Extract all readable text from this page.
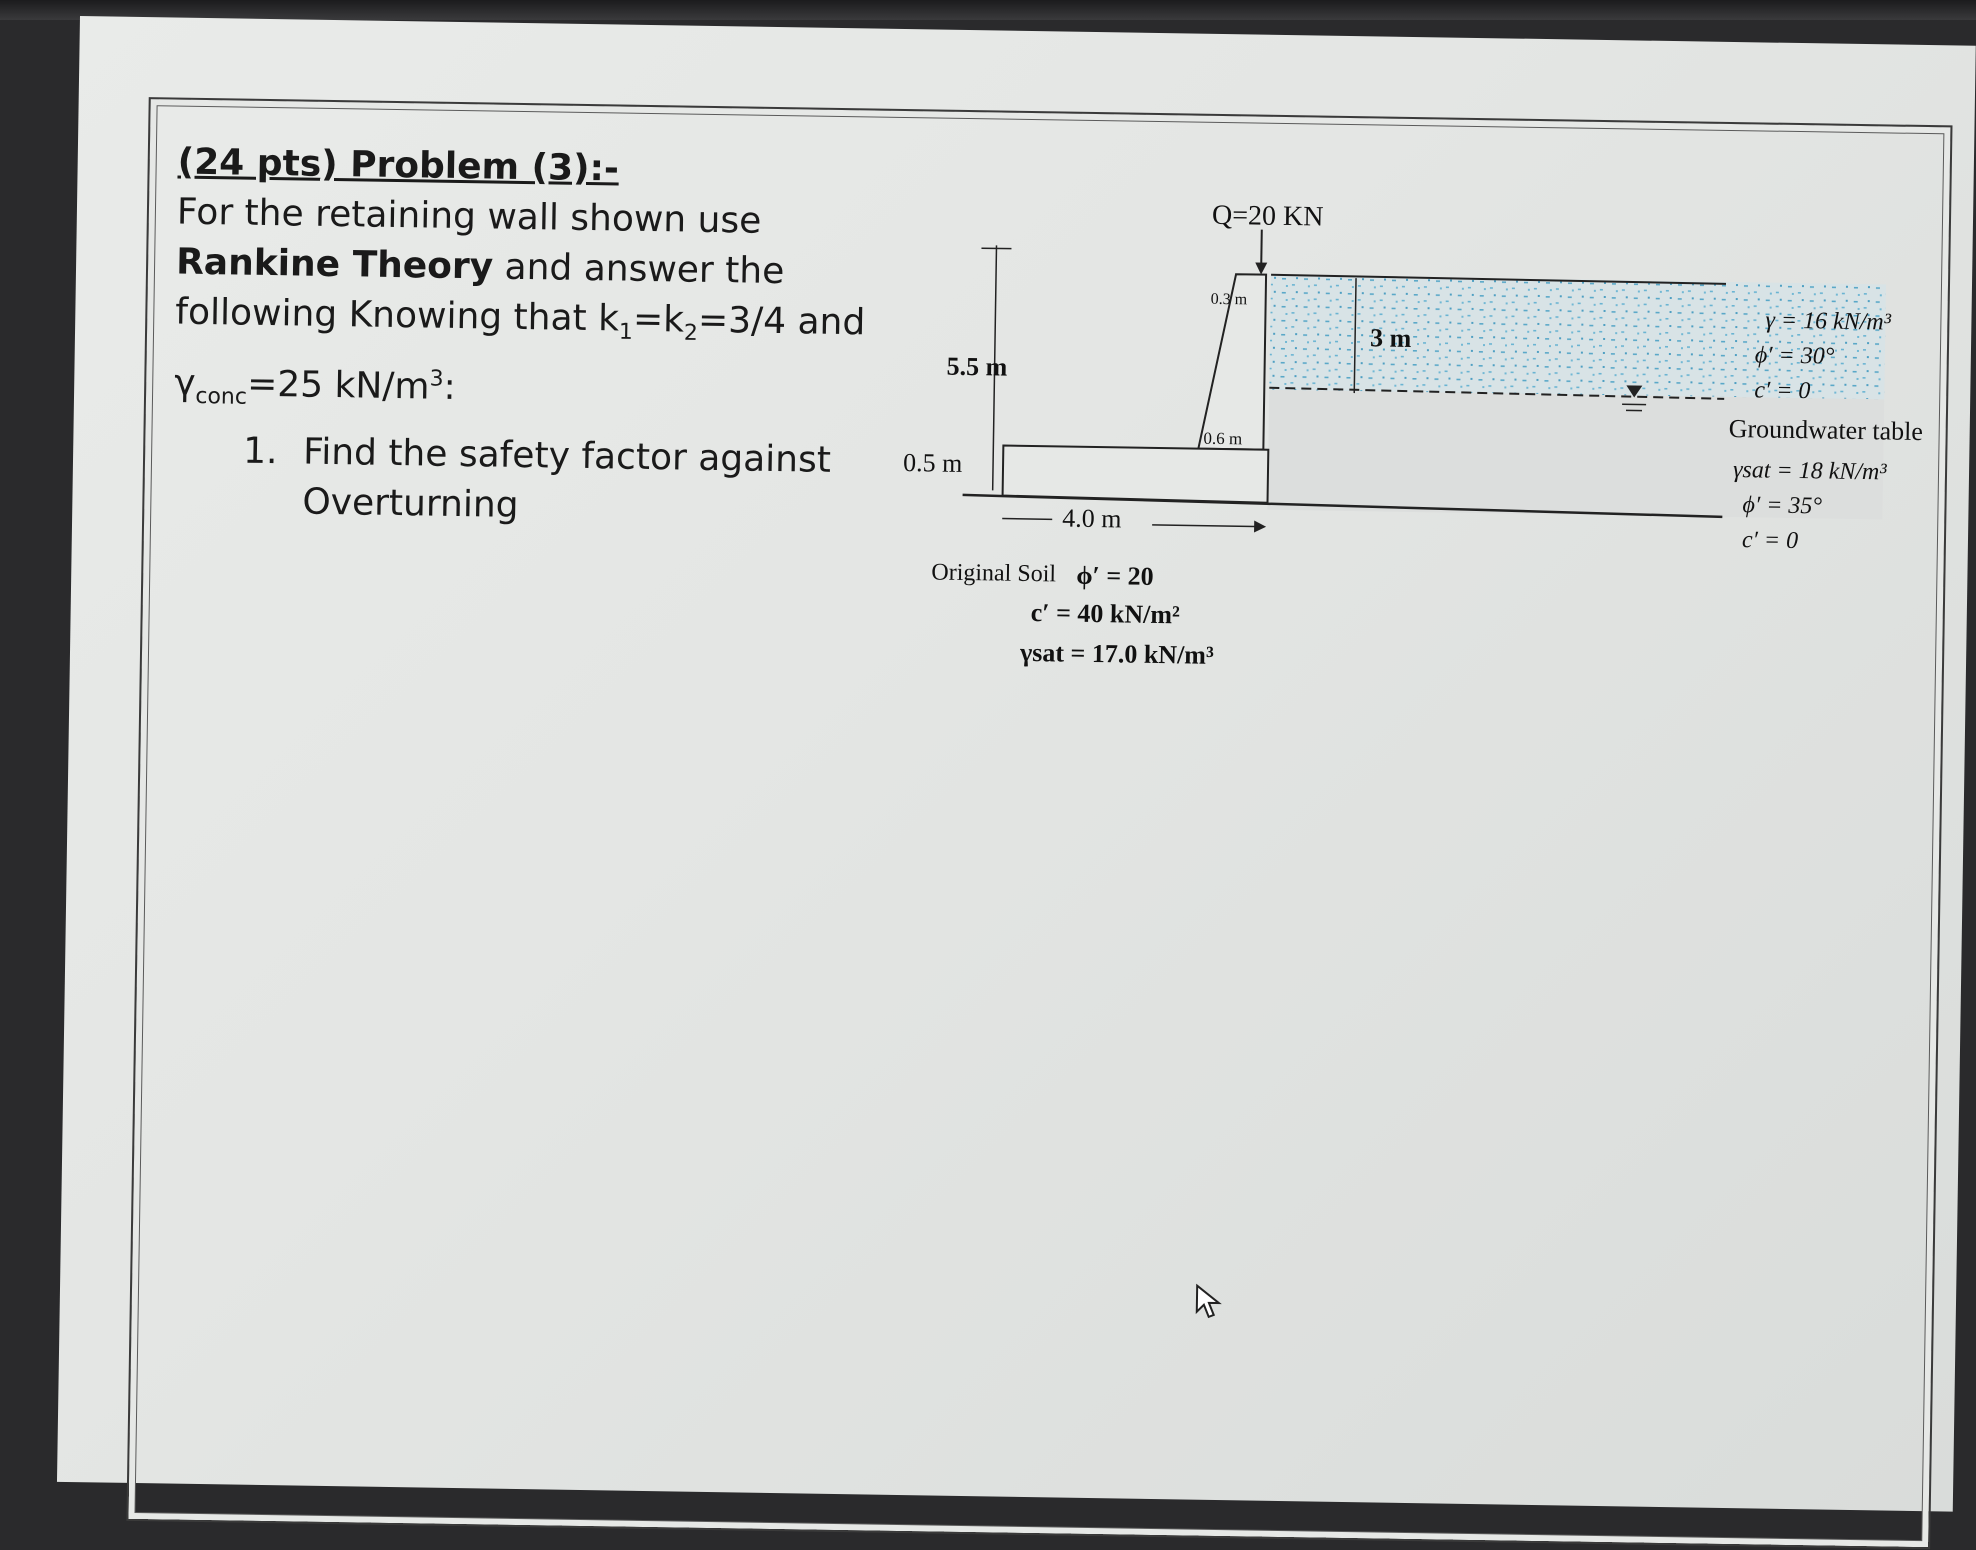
(24 pts) Problem (3):-
For the retaining wall shown use
Rankine Theory and answer the
following Knowing that $k_1=k_2=3/4$ and
$\gamma_{conc}=25$ $kN/m^3$:
1. Find the safety factor against Overturning
Q=20 KN
0.3 m
5.5 m
3 m
0.5 m
0.6 m
4.0 m
γ = 16 kN/m³
ϕ′ = 30°
c′ = 0
Groundwater table
γsat = 18 kN/m³
ϕ′ = 35°
c′ = 0
Original Soil ϕ′ = 20
c′ = 40 kN/m²
γsat = 17.0 kN/m³
